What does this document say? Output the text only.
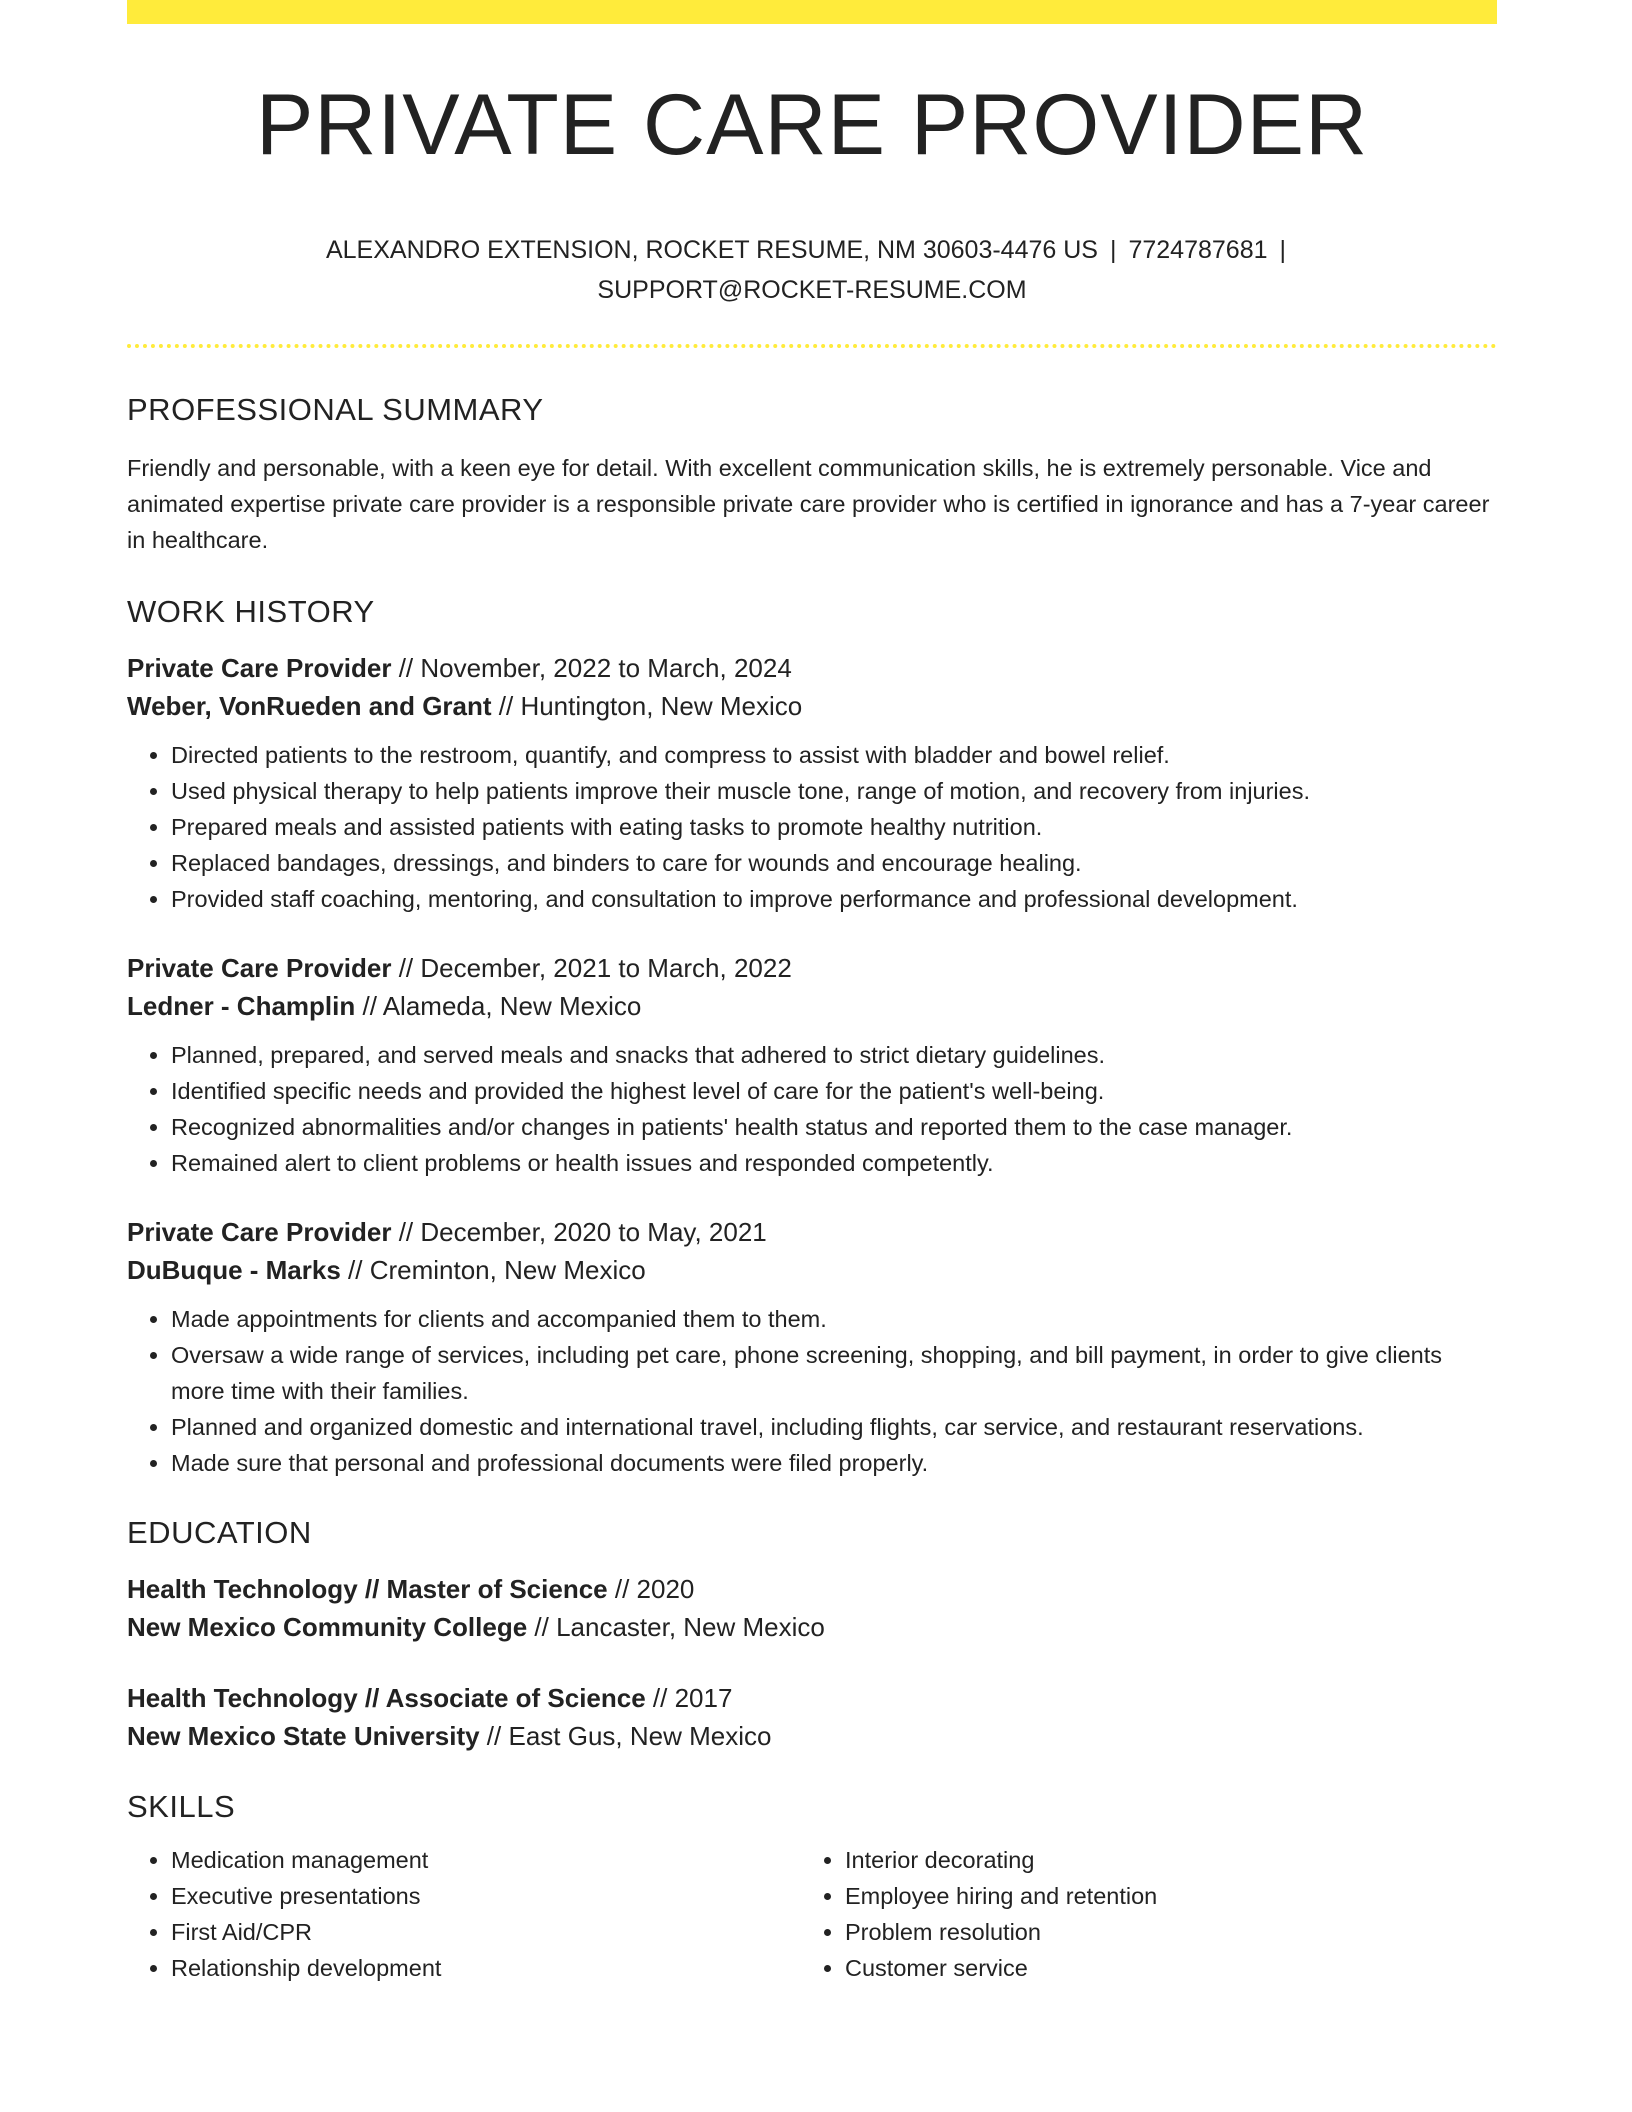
PRIVATE CARE PROVIDER
ALEXANDRO EXTENSION, ROCKET RESUME, NM 30603-4476 US | 7724787681 |
SUPPORT@ROCKET-RESUME.COM
PROFESSIONAL SUMMARY

Friendly and personable, with a keen eye for detail. With excellent communication skills, he is extremely personable. Vice and animated expertise private care provider is a responsible private care provider who is certified in ignorance and has a 7-year career in healthcare.

WORK HISTORY
Private Care Provider // November, 2022 to March, 2024
Weber, VonRueden and Grant // Huntington, New Mexico
• Directed patients to the restroom, quantify, and compress to assist with bladder and bowel relief.
• Used physical therapy to help patients improve their muscle tone, range of motion, and recovery from injuries.
• Prepared meals and assisted patients with eating tasks to promote healthy nutrition.
• Replaced bandages, dressings, and binders to care for wounds and encourage healing.
• Provided staff coaching, mentoring, and consultation to improve performance and professional development.
Private Care Provider // December, 2021 to March, 2022
Ledner - Champlin // Alameda, New Mexico
• Planned, prepared, and served meals and snacks that adhered to strict dietary guidelines.
• Identified specific needs and provided the highest level of care for the patient's well-being.
• Recognized abnormalities and/or changes in patients' health status and reported them to the case manager.
• Remained alert to client problems or health issues and responded competently.
Private Care Provider // December, 2020 to May, 2021
DuBuque - Marks // Creminton, New Mexico
• Made appointments for clients and accompanied them to them.
• Oversaw a wide range of services, including pet care, phone screening, shopping, and bill payment, in order to give clients more time with their families.
• Planned and organized domestic and international travel, including flights, car service, and restaurant reservations.
• Made sure that personal and professional documents were filed properly.
EDUCATION
Health Technology // Master of Science // 2020
New Mexico Community College // Lancaster, New Mexico
Health Technology // Associate of Science // 2017
New Mexico State University // East Gus, New Mexico
SKILLS
• Medication management
• Executive presentations
• First Aid/CPR
• Relationship development
• Interior decorating
• Employee hiring and retention
• Problem resolution
• Customer service
